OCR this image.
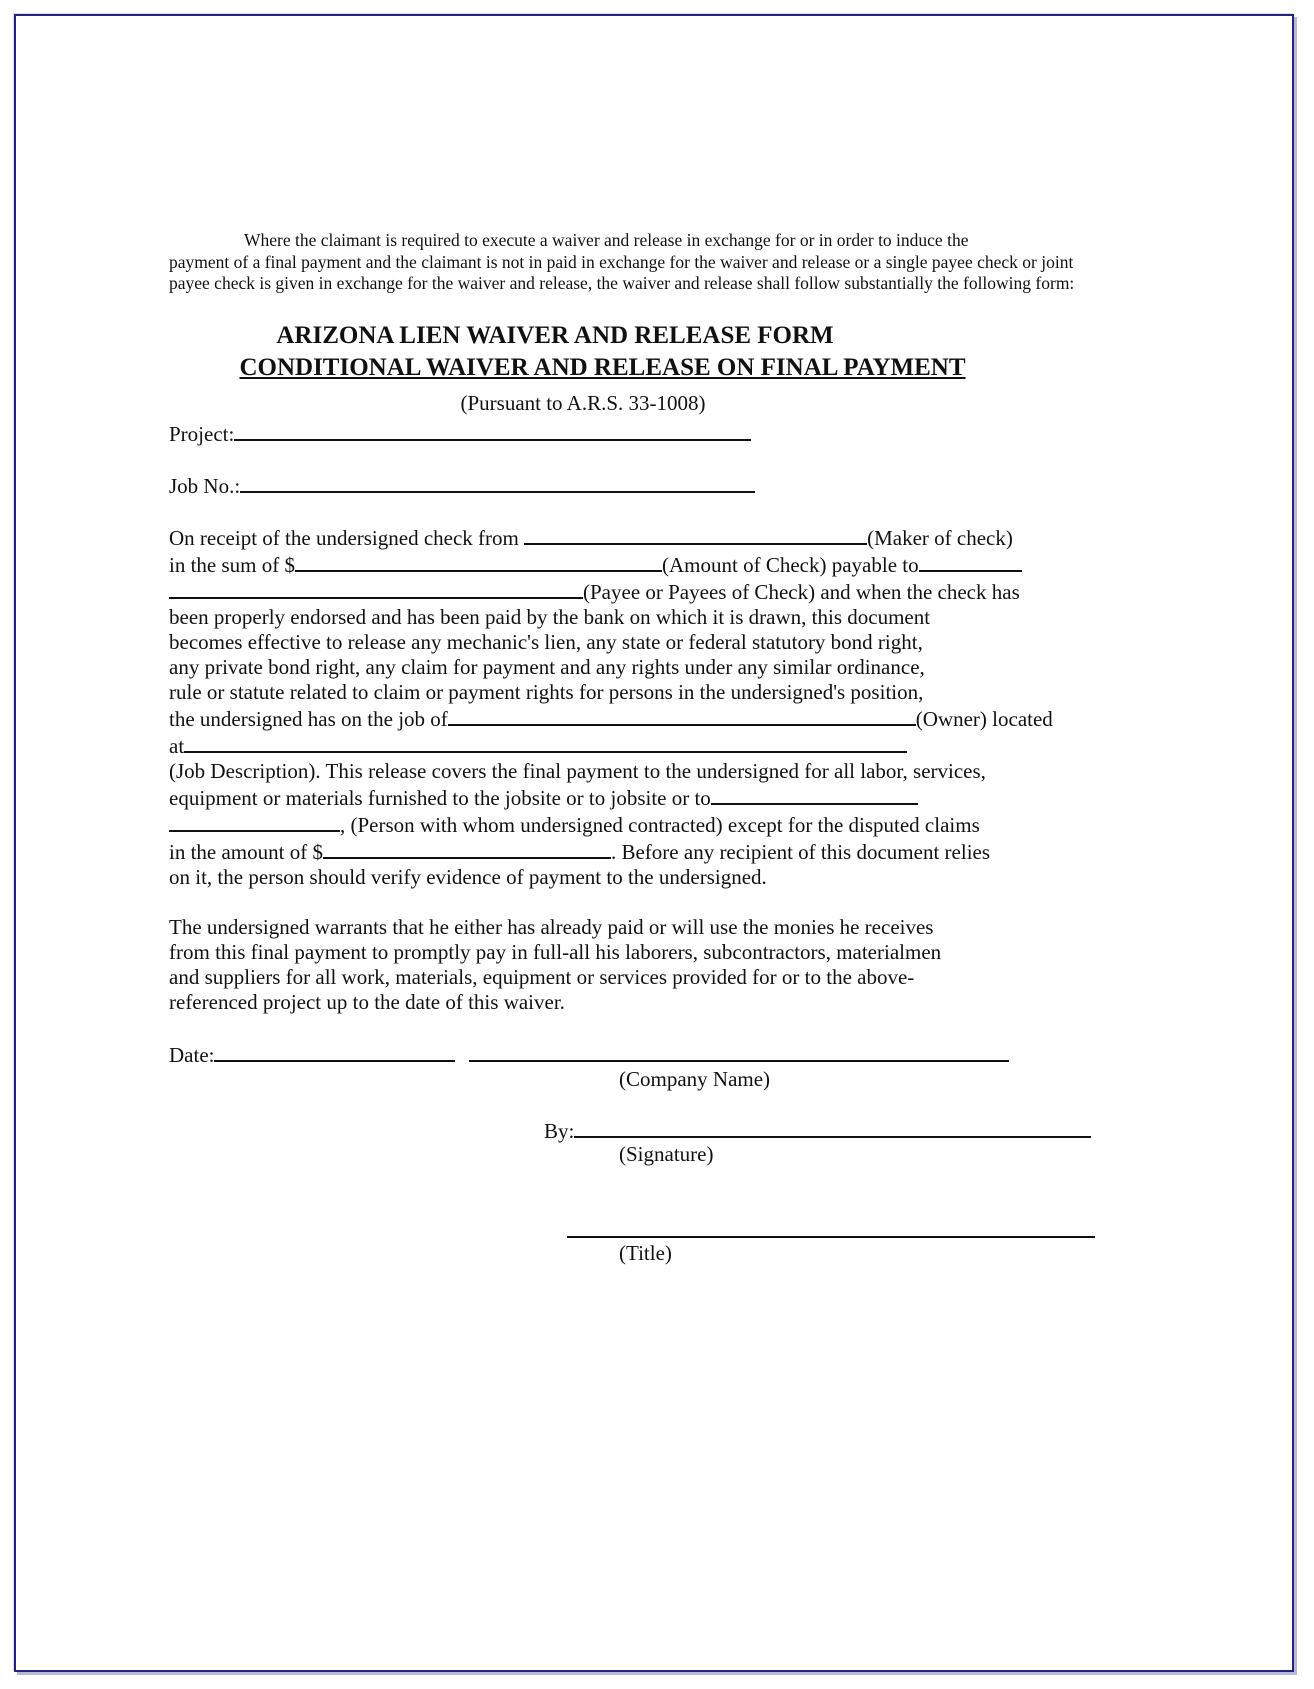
Where the claimant is required to execute a waiver and release in exchange for or in order to induce the
payment of a final payment and the claimant is not in paid in exchange for the waiver and release or a single payee check or joint
payee check is given in exchange for the waiver and release, the waiver and release shall follow substantially the following form:

ARIZONA LIEN WAIVER AND RELEASE FORM
CONDITIONAL WAIVER AND RELEASE ON FINAL PAYMENT
(Pursuant to A.R.S. 33-1008)
Project:
Job No.:
On receipt of the undersigned check from	(Maker of check)
in the sum of $	(Amount of Check) payable to
(Payee or Payees of Check) and when the check has
been properly endorsed and has been paid by the bank on which it is drawn, this document
becomes effective to release any mechanic's lien, any state or federal statutory bond right,
any private bond right, any claim for payment and any rights under any similar ordinance,
rule or statute related to claim or payment rights for persons in the undersigned's position,
the undersigned has on the job of	(Owner) located
at
(Job Description). This release covers the final payment to the undersigned for all labor, services,
equipment or materials furnished to the jobsite or to jobsite or to
, (Person with whom undersigned contracted) except for the disputed claims
in the amount of $	. Before any recipient of this document relies
on it, the person should verify evidence of payment to the undersigned.
The undersigned warrants that he either has already paid or will use the monies he receives
from this final payment to promptly pay in full-all his laborers, subcontractors, materialmen
and suppliers for all work, materials, equipment or services provided for or to the above-
referenced project up to the date of this waiver.
Date:
(Company Name)
By:
(Signature)
(Title)
